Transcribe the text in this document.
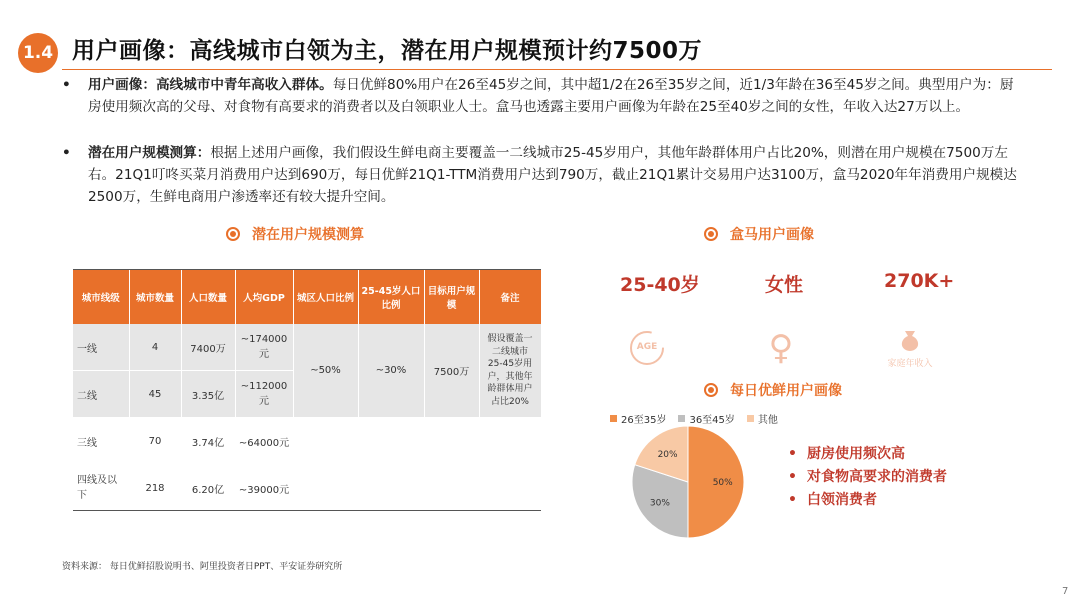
1.4 用户画像：高线城市白领为主，潜在用户规模预计约7500万
• 用户画像：高线城市中青年高收入群体。每日优鲜80%用户在26至45岁之间，其中超1/2在26至35岁之间，近1/3年龄在36至45岁之间。典型用户为：厨房使用频次高的父母、对食物有高要求的消费者以及白领职业人士。盒马也透露主要用户画像为年龄在25至40岁之间的女性，年收入达27万以上。
• 潜在用户规模测算：根据上述用户画像，我们假设生鲜电商主要覆盖一二线城市25-45岁用户，其他年龄群体用户占比20%，则潜在用户规模在7500万左右。21Q1叮咚买菜月消费用户达到690万，每日优鲜21Q1-TTM消费用户达到790万，截止21Q1累计交易用户达3100万，盒马2020年年消费用户规模达2500万，生鲜电商用户渗透率还有较大提升空间。
潜在用户规模测算
城市线级	城市数量	人口数量	人均GDP	城区人口比例	25-45岁人口比例	目标用户规模	备注
一线	4	7400万	~174000元	~50%	~30%	7500万	假设覆盖一二线城市25-45岁用户，其他年龄群体用户占比20%
二线	45	3.35亿	~112000元				
三线	70	3.74亿	~64000元				
四线及以下	218	6.20亿	~39000元				
盒马用户画像
25-40岁	女性	270K+
AGE	♀	家庭年收入
每日优鲜用户画像
26至35岁 36至45岁 其他
50%
30%
20%	• 厨房使用频次高
• 对食物高要求的消费者
• 白领消费者
资料来源： 每日优鲜招股说明书、阿里投资者日PPT、平安证券研究所
7
